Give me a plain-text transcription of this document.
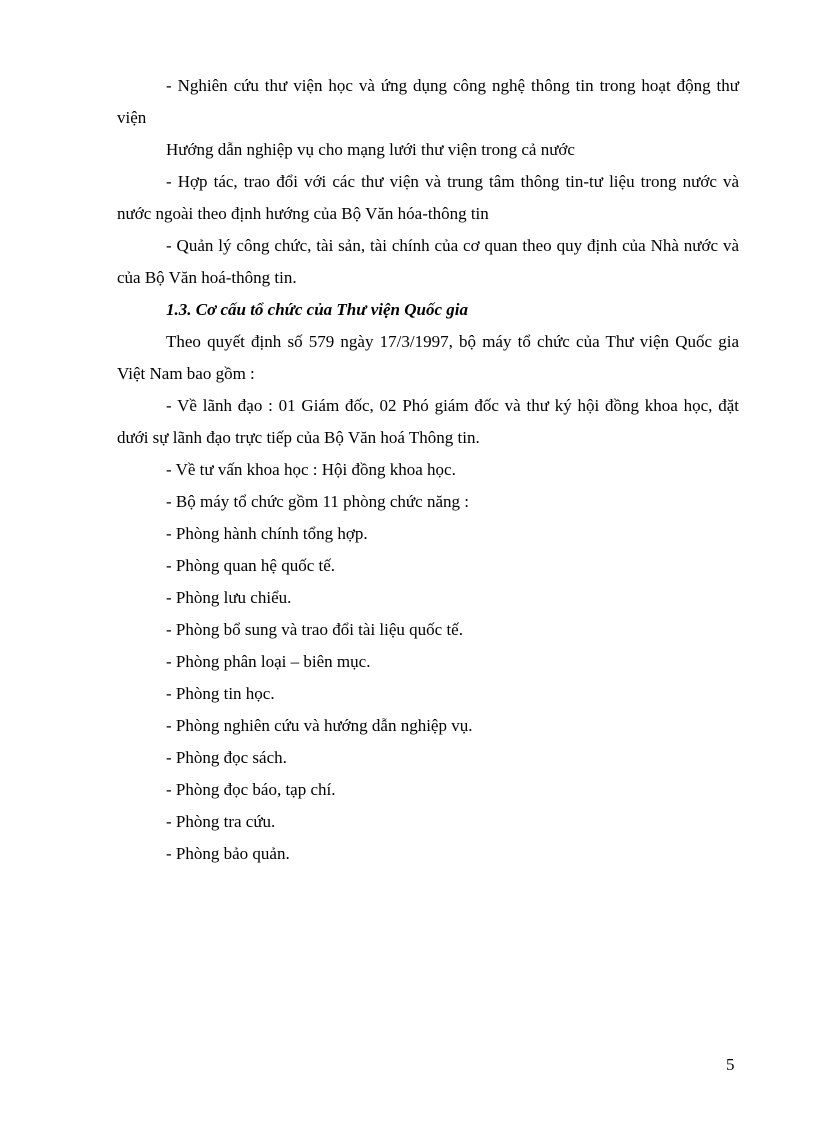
- Nghiên cứu thư viện học và ứng dụng công nghệ thông tin trong hoạt động thư viện

Hướng dẫn nghiệp vụ cho mạng lưới thư viện trong cả nước

- Hợp tác, trao đổi với các thư viện và trung tâm thông tin-tư liệu trong nước và nước ngoài theo định hướng của Bộ Văn hóa-thông tin

- Quản lý công chức, tài sản, tài chính của cơ quan theo quy định của Nhà nước và của Bộ Văn hoá-thông tin.

1.3. Cơ cấu tổ chức của Thư viện Quốc gia

Theo quyết định số 579 ngày 17/3/1997, bộ máy tổ chức của Thư viện Quốc gia Việt Nam bao gồm :

- Về lãnh đạo : 01 Giám đốc, 02 Phó giám đốc và thư ký hội đồng khoa học, đặt dưới sự lãnh đạo trực tiếp của Bộ Văn hoá Thông tin.

- Về tư vấn khoa học : Hội đồng khoa học.

- Bộ máy tổ chức gồm 11 phòng chức năng :

- Phòng hành chính tổng hợp.

- Phòng quan hệ quốc tế.

- Phòng lưu chiểu.

- Phòng bổ sung và trao đổi tài liệu quốc tế.

- Phòng phân loại – biên mục.

- Phòng tin học.

- Phòng nghiên cứu và hướng dẫn nghiệp vụ.

- Phòng đọc sách.

- Phòng đọc báo, tạp chí.

- Phòng tra cứu.

- Phòng bảo quản.

5
